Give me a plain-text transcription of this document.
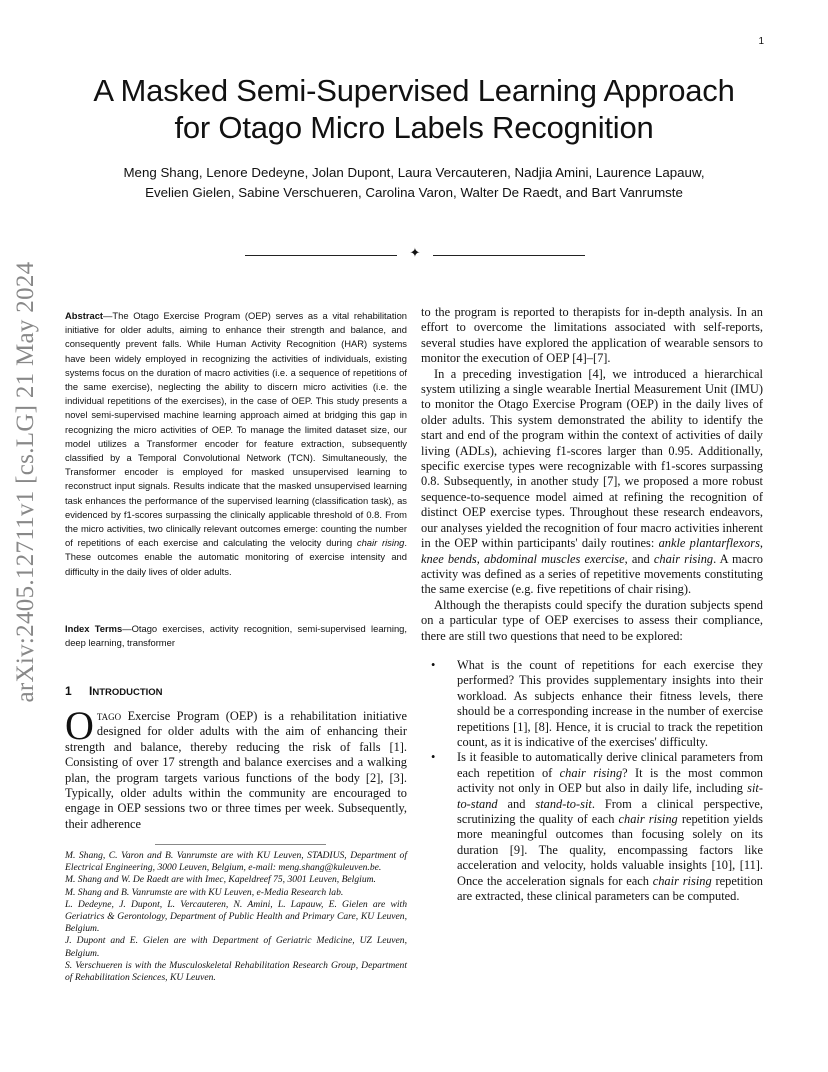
1
A Masked Semi-Supervised Learning Approach
for Otago Micro Labels Recognition
Meng Shang, Lenore Dedeyne, Jolan Dupont, Laura Vercauteren, Nadjia Amini, Laurence Lapauw,
Evelien Gielen, Sabine Verschueren, Carolina Varon, Walter De Raedt, and Bart Vanrumste
✦
arXiv:2405.12711v1 [cs.LG] 21 May 2024	Abstract—The Otago Exercise Program (OEP) serves as a vital rehabilitation initiative for older adults, aiming to enhance their strength and balance, and consequently prevent falls. While Human Activity Recognition (HAR) systems have been widely employed in recognizing the activities of individuals, existing systems focus on the duration of macro activities (i.e. a sequence of repetitions of the same exercise), neglecting the ability to discern micro activities (i.e. the individual repetitions of the exercises), in the case of OEP. This study presents a novel semi-supervised machine learning approach aimed at bridging this gap in recognizing the micro activities of OEP. To manage the limited dataset size, our model utilizes a Transformer encoder for feature extraction, subsequently classified by a Temporal Convolutional Network (TCN). Simultaneously, the Transformer encoder is employed for masked unsupervised learning to reconstruct input signals. Results indicate that the masked unsupervised learning task enhances the performance of the supervised learning (classification task), as evidenced by f1-scores surpassing the clinically applicable threshold of 0.8. From the micro activities, two clinically relevant outcomes emerge: counting the number of repetitions of each exercise and calculating the velocity during chair rising. These outcomes enable the automatic monitoring of exercise intensity and difficulty in the daily lives of older adults.
Index Terms—Otago exercises, activity recognition, semi-supervised learning, deep learning, transformer
1 INTRODUCTION
Otago Exercise Program (OEP) is a rehabilitation initiative designed for older adults with the aim of enhancing their strength and balance, thereby reducing the risk of falls [1]. Consisting of over 17 strength and balance exercises and a walking plan, the program targets various functions of the body [2], [3]. Typically, older adults within the community are encouraged to engage in OEP sessions two or three times per week. Subsequently, their adherence

M. Shang, C. Varon and B. Vanrumste are with KU Leuven, STADIUS, Department of Electrical Engineering, 3000 Leuven, Belgium, e-mail: meng.shang@kuleuven.be.

M. Shang and W. De Raedt are with Imec, Kapeldreef 75, 3001 Leuven, Belgium.

M. Shang and B. Vanrumste are with KU Leuven, e-Media Research lab.

L. Dedeyne, J. Dupont, L. Vercauteren, N. Amini, L. Lapauw, E. Gielen are with Geriatrics & Gerontology, Department of Public Health and Primary Care, KU Leuven, Belgium.

J. Dupont and E. Gielen are with Department of Geriatric Medicine, UZ Leuven, Belgium.

S. Verschueren is with the Musculoskeletal Rehabilitation Research Group, Department of Rehabilitation Sciences, KU Leuven.

to the program is reported to therapists for in-depth analysis. In an effort to overcome the limitations associated with self-reports, several studies have explored the application of wearable sensors to monitor the execution of OEP [4]–[7].

In a preceding investigation [4], we introduced a hierarchical system utilizing a single wearable Inertial Measurement Unit (IMU) to monitor the Otago Exercise Program (OEP) in the daily lives of older adults. This system demonstrated the ability to identify the start and end of the program within the context of activities of daily living (ADLs), achieving f1-scores larger than 0.95. Additionally, specific exercise types were recognizable with f1-scores surpassing 0.8. Subsequently, in another study [7], we proposed a more robust sequence-to-sequence model aimed at refining the recognition of distinct OEP exercise types. Throughout these research endeavors, our analyses yielded the recognition of four macro activities inherent in the OEP within participants' daily routines: ankle plantarflexors, knee bends, abdominal muscles exercise, and chair rising. A macro activity was defined as a series of repetitive movements constituting the same exercise (e.g. five repetitions of chair rising).

Although the therapists could specify the duration subjects spend on a particular type of OEP exercises to assess their compliance, there are still two questions that need to be explored:

• What is the count of repetitions for each exercise they performed? This provides supplementary insights into their workload. As subjects enhance their fitness levels, there should be a corresponding increase in the number of exercise repetitions [1], [8]. Hence, it is crucial to track the repetition count, as it is indicative of the exercises' difficulty.
• Is it feasible to automatically derive clinical parameters from each repetition of chair rising? It is the most common activity not only in OEP but also in daily life, including sit-to-stand and stand-to-sit. From a clinical perspective, scrutinizing the quality of each chair rising repetition yields more meaningful outcomes than focusing solely on its duration [9]. The quality, encompassing factors like acceleration and velocity, holds valuable insights [10], [11]. Once the acceleration signals for each chair rising repetition are extracted, these clinical parameters can be computed.
